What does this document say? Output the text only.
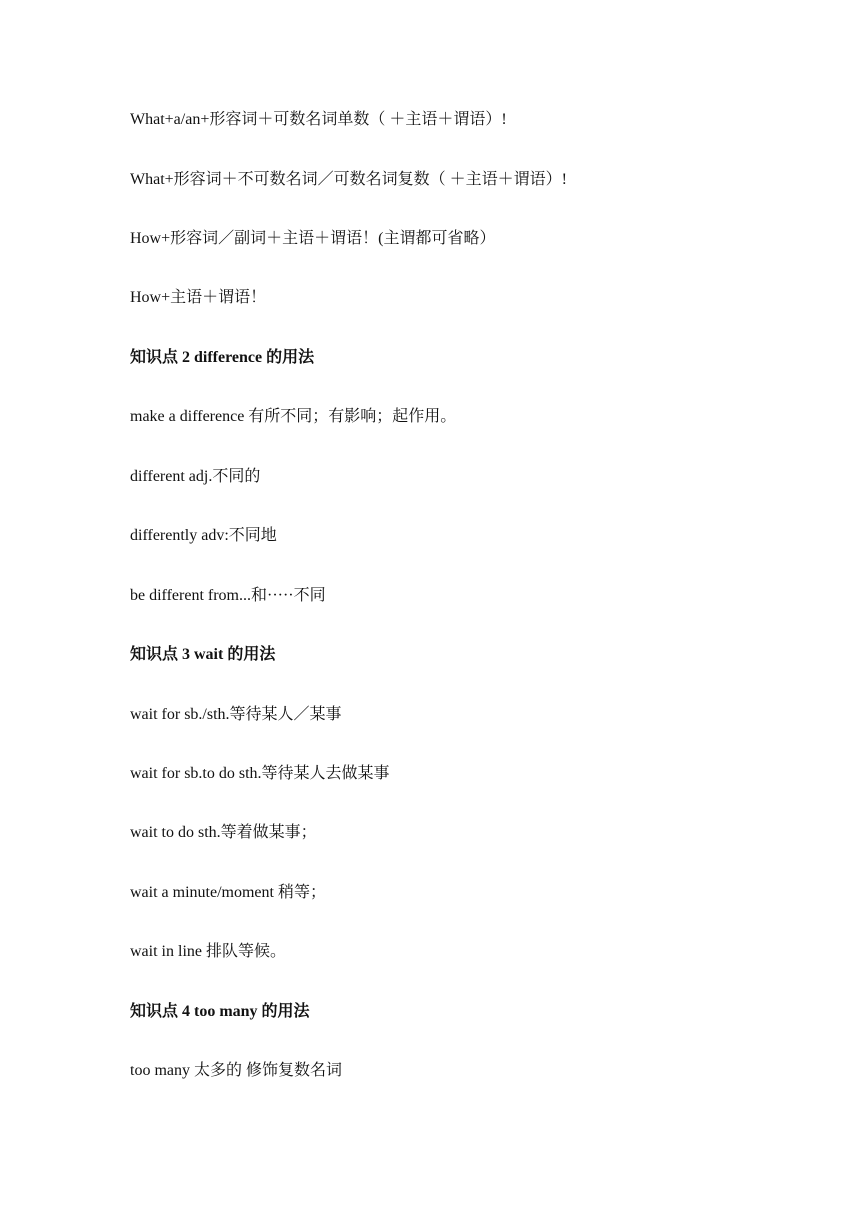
What+a/an+形容词＋可数名词单数（ ＋主语＋谓语）!
What+形容词＋不可数名词／可数名词复数（ ＋主语＋谓语）!
How+形容词／副词＋主语＋谓语！(主谓都可省略）
How+主语＋谓语！
知识点 2 difference 的用法
make a difference 有所不同；有影响；起作用。
different adj.不同的
differently adv:不同地
be different from...和·····不同
知识点 3 wait 的用法
wait for sb./sth.等待某人／某事
wait for sb.to do sth.等待某人去做某事
wait to do sth.等着做某事；
wait a minute/moment 稍等；
wait in line 排队等候。
知识点 4 too many 的用法
too many 太多的 修饰复数名词
